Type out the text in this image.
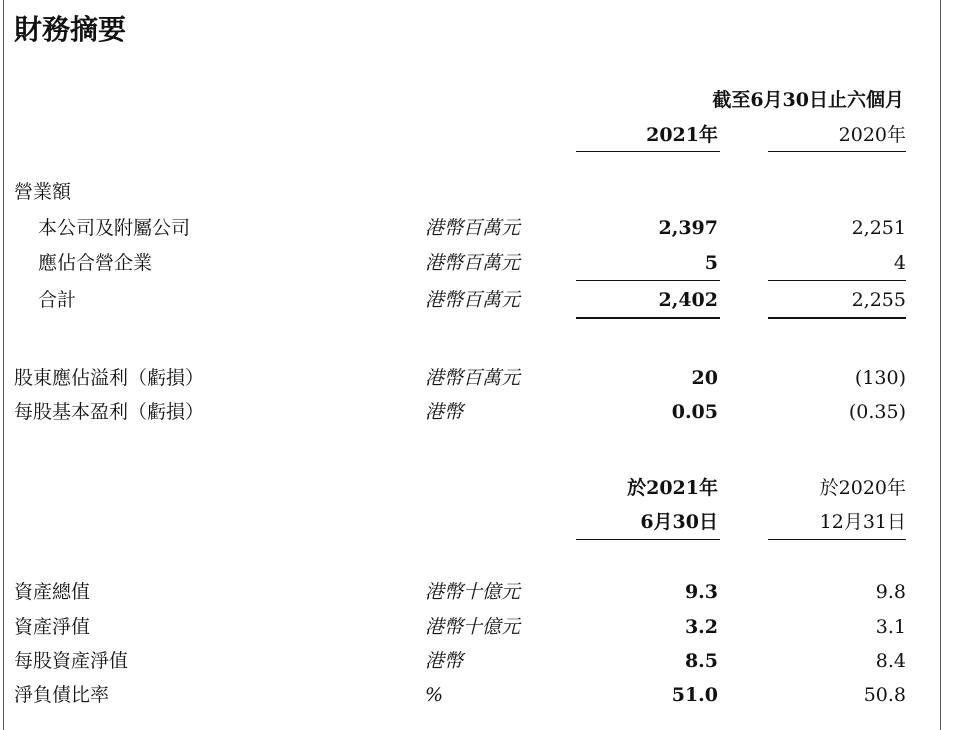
財務摘要
截至6月30日止六個月
2021年	2020年
營業額
本公司及附屬公司	港幣百萬元	2,397	2,251
應佔合營企業	港幣百萬元	5	4
合計	港幣百萬元	2,402	2,255
股東應佔溢利（虧損）	港幣百萬元	20	(130)
每股基本盈利（虧損）	港幣	0.05	(0.35)
於2021年	於2020年
6月30日	12月31日
資產總值	港幣十億元	9.3	9.8
資產淨值	港幣十億元	3.2	3.1
每股資產淨值	港幣	8.5	8.4
淨負債比率	%	51.0	50.8
